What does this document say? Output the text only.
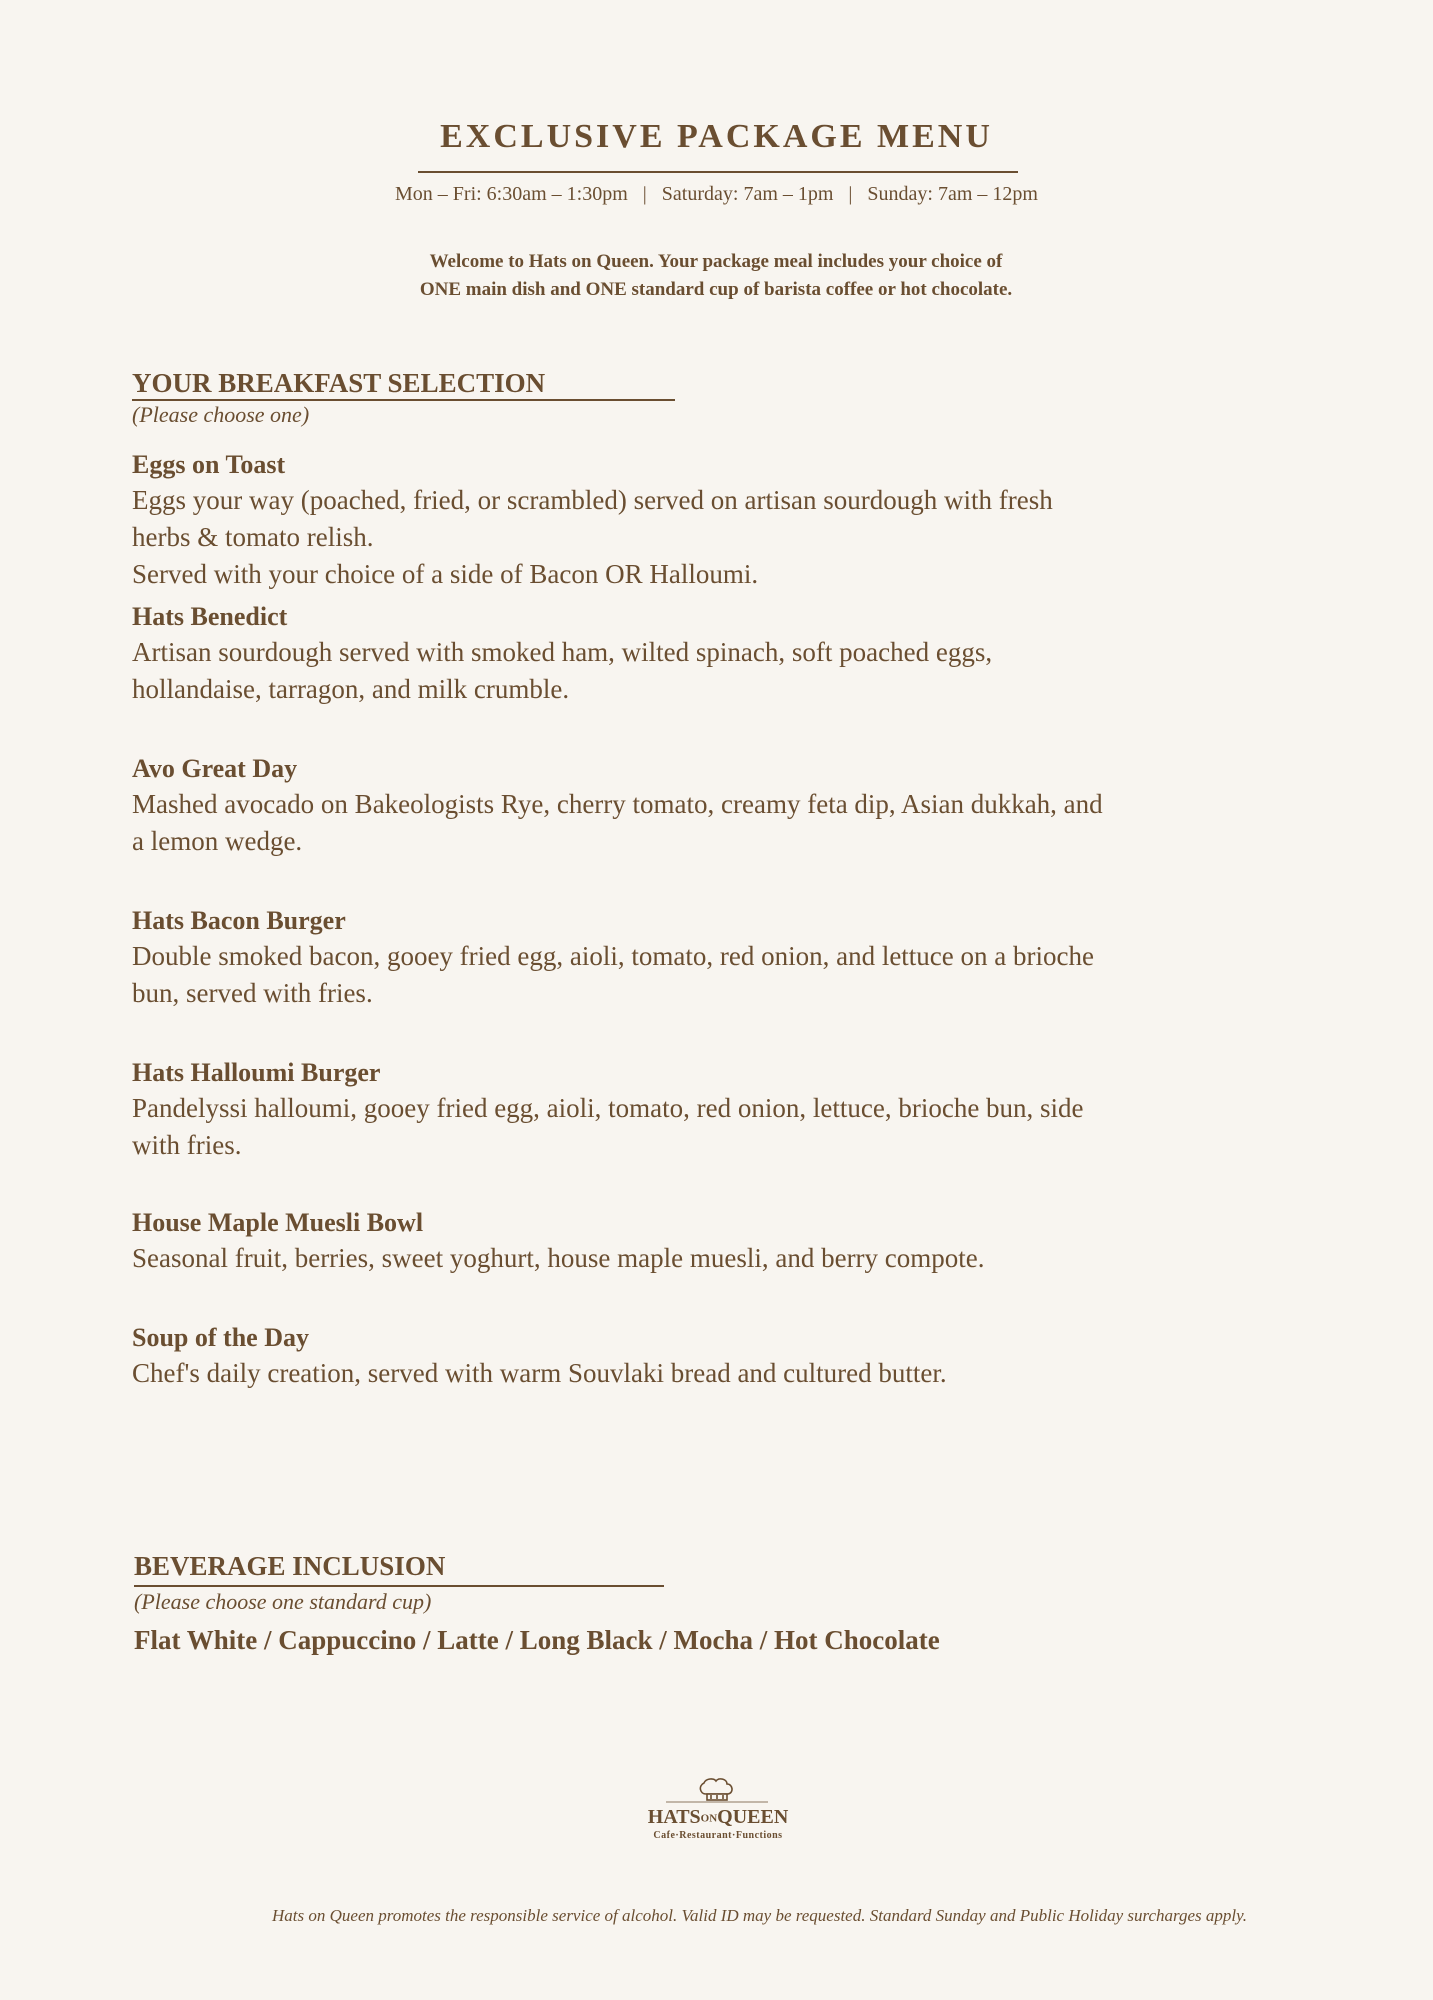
EXCLUSIVE PACKAGE MENU
Mon – Fri: 6:30am – 1:30pm   |   Saturday: 7am – 1pm   |   Sunday: 7am – 12pm
Welcome to Hats on Queen. Your package meal includes your choice of
ONE main dish and ONE standard cup of barista coffee or hot chocolate.
YOUR BREAKFAST SELECTION
(Please choose one)
Eggs on Toast
Eggs your way (poached, fried, or scrambled) served on artisan sourdough with fresh
herbs & tomato relish.
Served with your choice of a side of Bacon OR Halloumi.
Hats Benedict
Artisan sourdough served with smoked ham, wilted spinach, soft poached eggs,
hollandaise, tarragon, and milk crumble.
Avo Great Day
Mashed avocado on Bakeologists Rye, cherry tomato, creamy feta dip, Asian dukkah, and
a lemon wedge.
Hats Bacon Burger
Double smoked bacon, gooey fried egg, aioli, tomato, red onion, and lettuce on a brioche
bun, served with fries.
Hats Halloumi Burger
Pandelyssi halloumi, gooey fried egg, aioli, tomato, red onion, lettuce, brioche bun, side
with fries.
House Maple Muesli Bowl
Seasonal fruit, berries, sweet yoghurt, house maple muesli, and berry compote.
Soup of the Day
Chef's daily creation, served with warm Souvlaki bread and cultured butter.
BEVERAGE INCLUSION
(Please choose one standard cup)
Flat White / Cappuccino / Latte / Long Black / Mocha / Hot Chocolate
HATSONQUEEN
Cafe·Restaurant·Functions
Hats on Queen promotes the responsible service of alcohol. Valid ID may be requested. Standard Sunday and Public Holiday surcharges apply.
